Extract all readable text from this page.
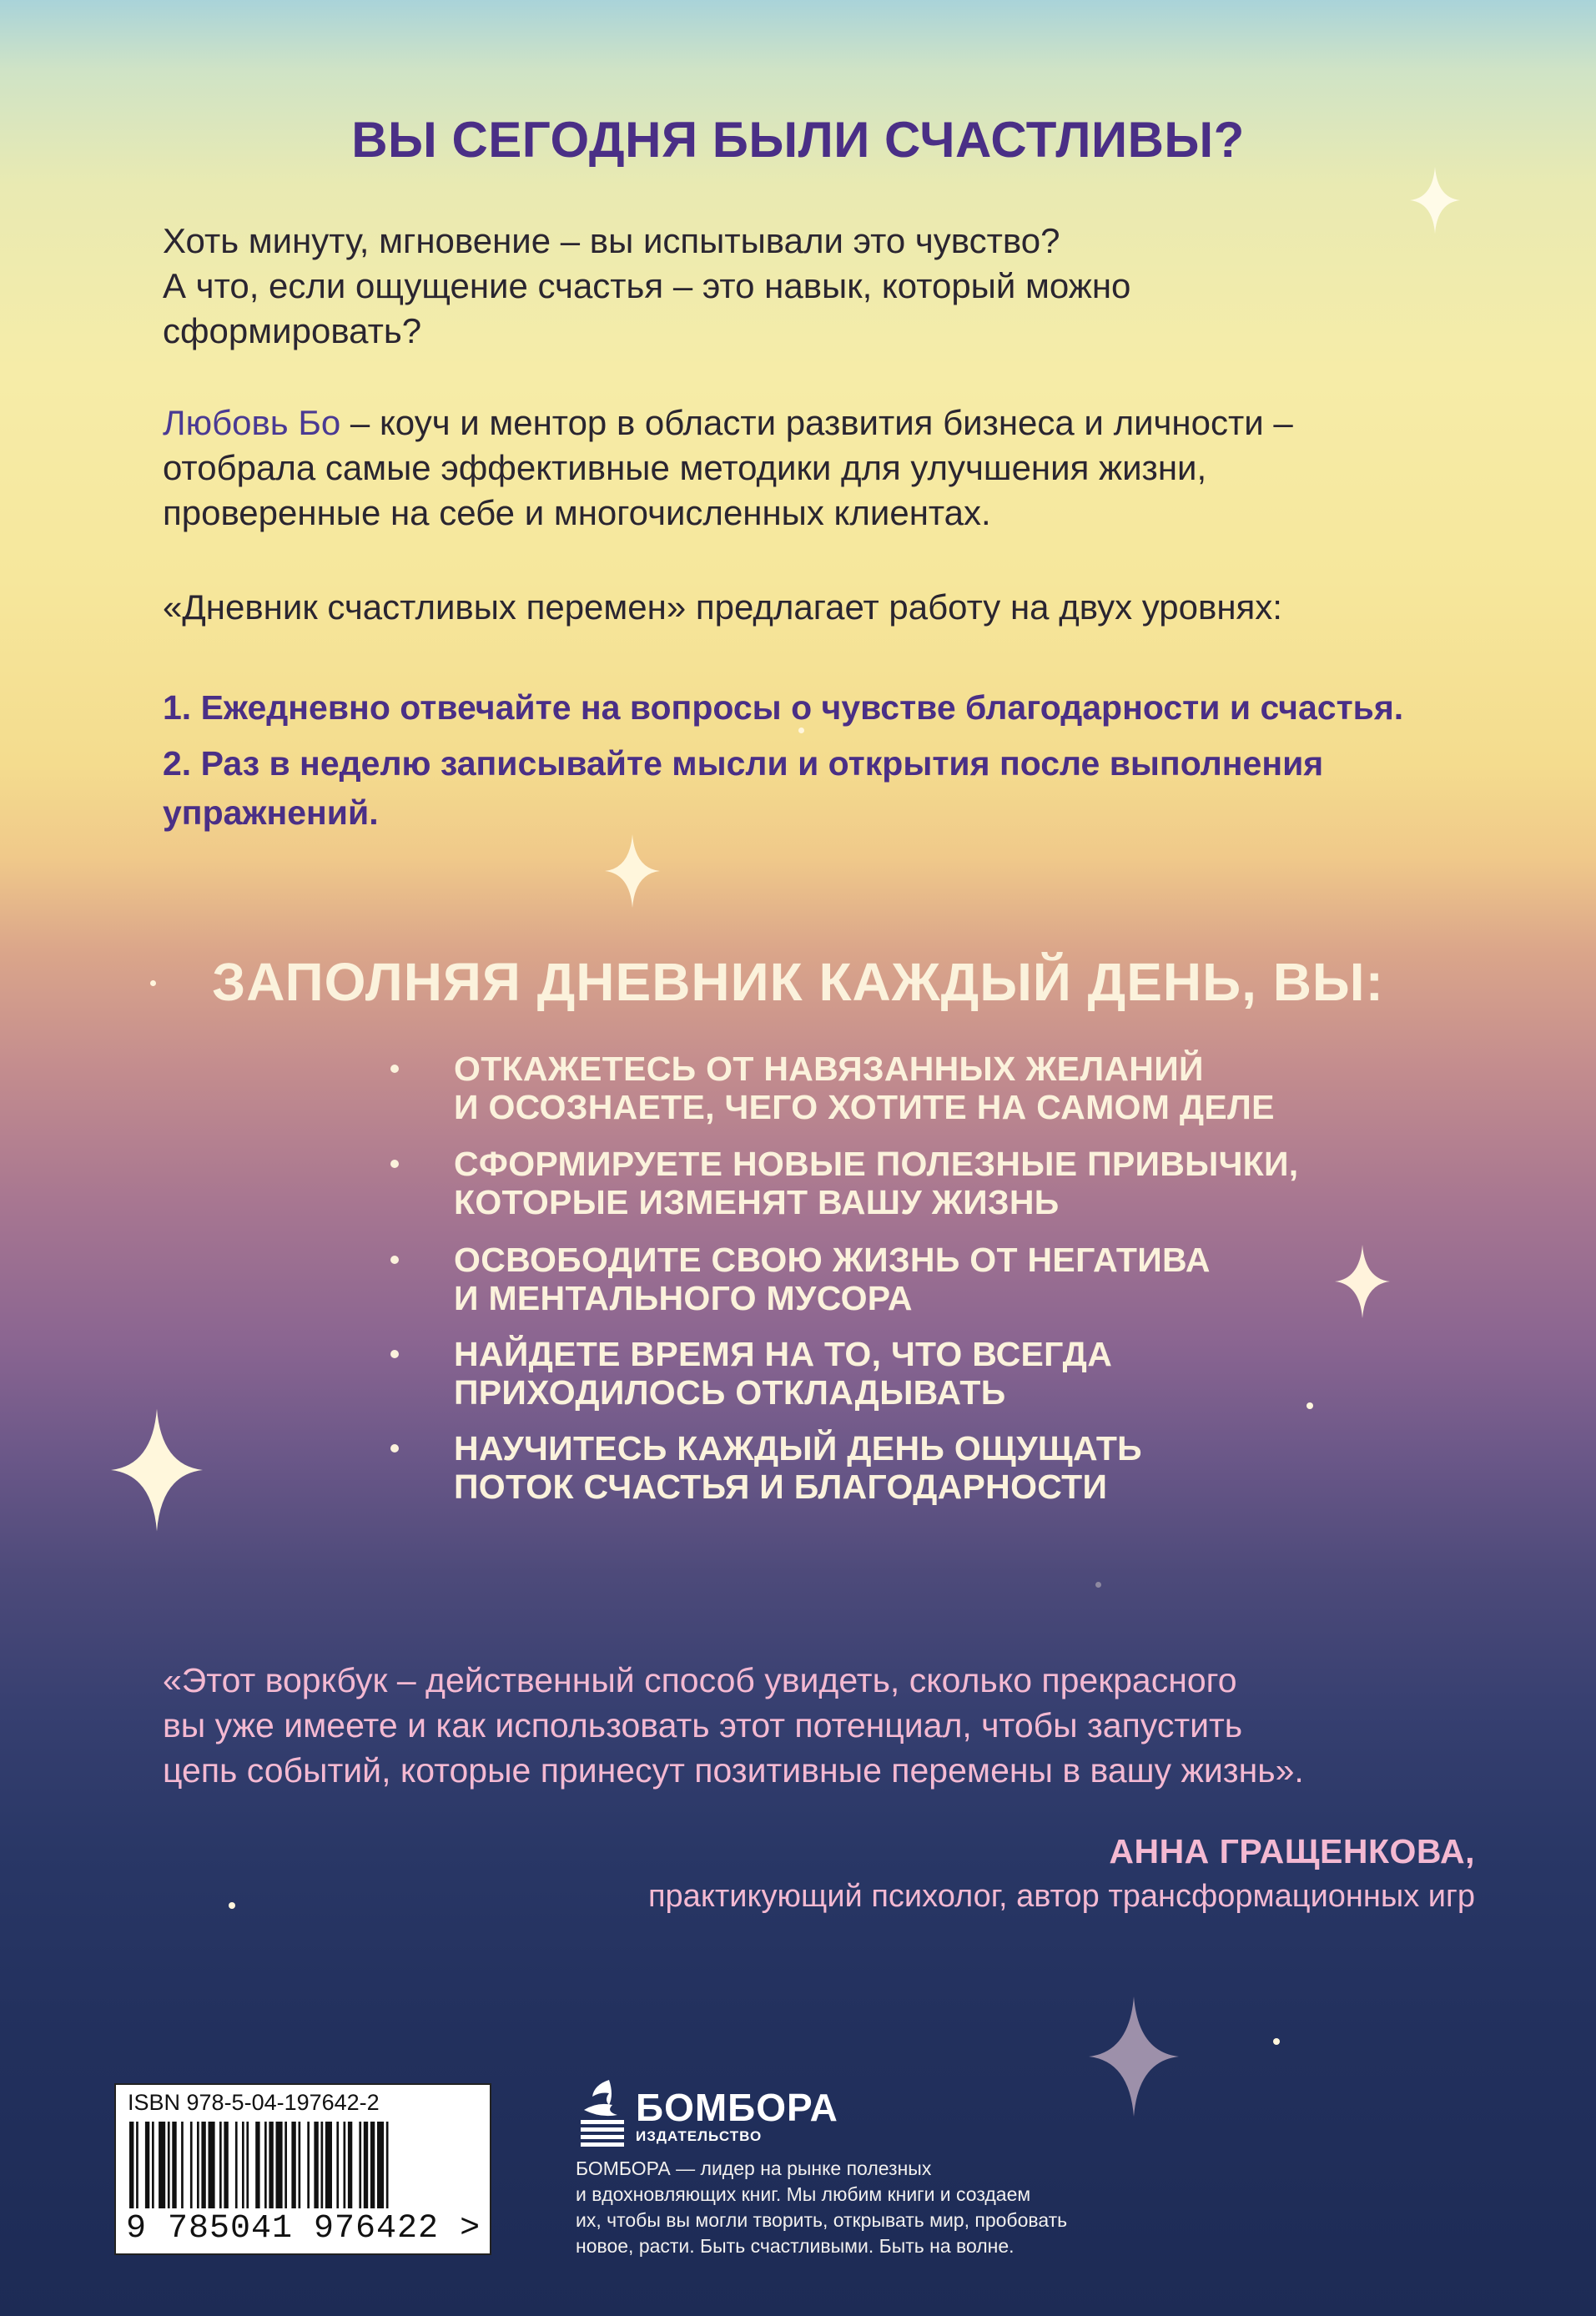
ВЫ СЕГОДНЯ БЫЛИ СЧАСТЛИВЫ?
Хоть минуту, мгновение – вы испытывали это чувство?
А что, если ощущение счастья – это навык, который можно
сформировать?
Любовь Бо – коуч и ментор в области развития бизнеса и личности –
отобрала самые эффективные методики для улучшения жизни,
проверенные на себе и многочисленных клиентах.
«Дневник счастливых перемен» предлагает работу на двух уровнях:
1. Ежедневно отвечайте на вопросы о чувстве благодарности и счастья.
2. Раз в неделю записывайте мысли и открытия после выполнения
упражнений.
ЗАПОЛНЯЯ ДНЕВНИК КАЖДЫЙ ДЕНЬ, ВЫ:
ОТКАЖЕТЕСЬ ОТ НАВЯЗАННЫХ ЖЕЛАНИЙ
И ОСОЗНАЕТЕ, ЧЕГО ХОТИТЕ НА САМОМ ДЕЛЕ
СФОРМИРУЕТЕ НОВЫЕ ПОЛЕЗНЫЕ ПРИВЫЧКИ,
КОТОРЫЕ ИЗМЕНЯТ ВАШУ ЖИЗНЬ
ОСВОБОДИТЕ СВОЮ ЖИЗНЬ ОТ НЕГАТИВА
И МЕНТАЛЬНОГО МУСОРА
НАЙДЕТЕ ВРЕМЯ НА ТО, ЧТО ВСЕГДА
ПРИХОДИЛОСЬ ОТКЛАДЫВАТЬ
НАУЧИТЕСЬ КАЖДЫЙ ДЕНЬ ОЩУЩАТЬ
ПОТОК СЧАСТЬЯ И БЛАГОДАРНОСТИ
«Этот воркбук – действенный способ увидеть, сколько прекрасного
вы уже имеете и как использовать этот потенциал, чтобы запустить
цепь событий, которые принесут позитивные перемены в вашу жизнь».
АННА ГРАЩЕНКОВА,
практикующий психолог, автор трансформационных игр
ISBN 978-5-04-197642-2
9 785041 976422 >
БОМБОРА
ИЗДАТЕЛЬСТВО
БОМБОРА — лидер на рынке полезных
и вдохновляющих книг. Мы любим книги и создаем
их, чтобы вы могли творить, открывать мир, пробовать
новое, расти. Быть счастливыми. Быть на волне.
